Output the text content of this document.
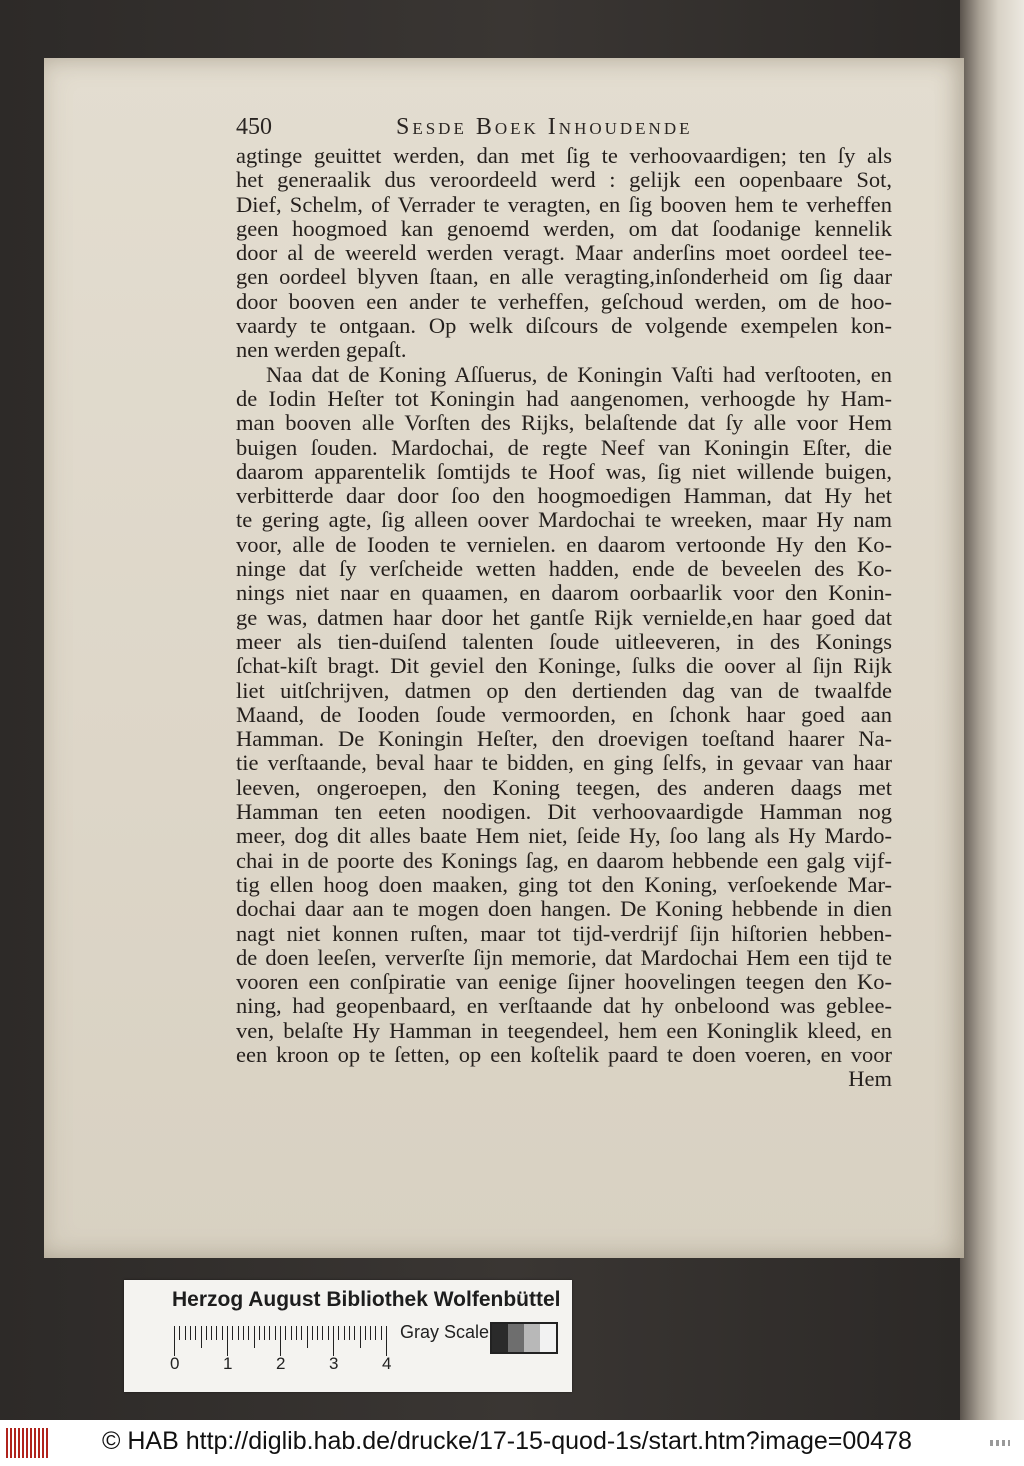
450	Sesde Boek Inhoudende
agtinge geuittet werden, dan met ſig te verhoovaardigen; ten ſy als
het generaalik dus veroordeeld werd : gelijk een oopenbaare Sot,
Dief, Schelm, of Verrader te veragten, en ſig booven hem te verheffen
geen hoogmoed kan genoemd werden, om dat ſoodanige kennelik
door al de weereld werden veragt. Maar anderſins moet oordeel tee-
gen oordeel blyven ſtaan, en alle veragting,inſonderheid om ſig daar
door booven een ander te verheffen, geſchoud werden, om de hoo-
vaardy te ontgaan. Op welk diſcours de volgende exempelen kon-
nen werden gepaſt.
Naa dat de Koning Aſſuerus, de Koningin Vaſti had verſtooten, en
de Iodin Heſter tot Koningin had aangenomen, verhoogde hy Ham-
man booven alle Vorſten des Rijks, belaſtende dat ſy alle voor Hem
buigen ſouden. Mardochai, de regte Neef van Koningin Eſter, die
daarom apparentelik ſomtijds te Hoof was, ſig niet willende buigen,
verbitterde daar door ſoo den hoogmoedigen Hamman, dat Hy het
te gering agte, ſig alleen oover Mardochai te wreeken, maar Hy nam
voor, alle de Iooden te vernielen. en daarom vertoonde Hy den Ko-
ninge dat ſy verſcheide wetten hadden, ende de beveelen des Ko-
nings niet naar en quaamen, en daarom oorbaarlik voor den Konin-
ge was, datmen haar door het gantſe Rijk vernielde,en haar goed dat
meer als tien-duiſend talenten ſoude uitleeveren, in des Konings
ſchat-kiſt bragt. Dit geviel den Koninge, ſulks die oover al ſijn Rijk
liet uitſchrijven, datmen op den dertienden dag van de twaalfde
Maand, de Iooden ſoude vermoorden, en ſchonk haar goed aan
Hamman. De Koningin Heſter, den droevigen toeſtand haarer Na-
tie verſtaande, beval haar te bidden, en ging ſelfs, in gevaar van haar
leeven, ongeroepen, den Koning teegen, des anderen daags met
Hamman ten eeten noodigen. Dit verhoovaardigde Hamman nog
meer, dog dit alles baate Hem niet, ſeide Hy, ſoo lang als Hy Mardo-
chai in de poorte des Konings ſag, en daarom hebbende een galg vijf-
tig ellen hoog doen maaken, ging tot den Koning, verſoekende Mar-
dochai daar aan te mogen doen hangen. De Koning hebbende in dien
nagt niet konnen ruſten, maar tot tijd-verdrijf ſijn hiſtorien hebben-
de doen leeſen, ververſte ſijn memorie, dat Mardochai Hem een tijd te
vooren een conſpiratie van eenige ſijner hoovelingen teegen den Ko-
ning, had geopenbaard, en verſtaande dat hy onbeloond was geblee-
ven, belaſte Hy Hamman in teegendeel, hem een Koninglik kleed, en
een kroon op te ſetten, op een koſtelik paard te doen voeren, en voor
Hem
Herzog August Bibliothek Wolfenbüttel
0	1	2	3	4
Gray Scale
© HAB http://diglib.hab.de/drucke/17-15-quod-1s/start.htm?image=00478
